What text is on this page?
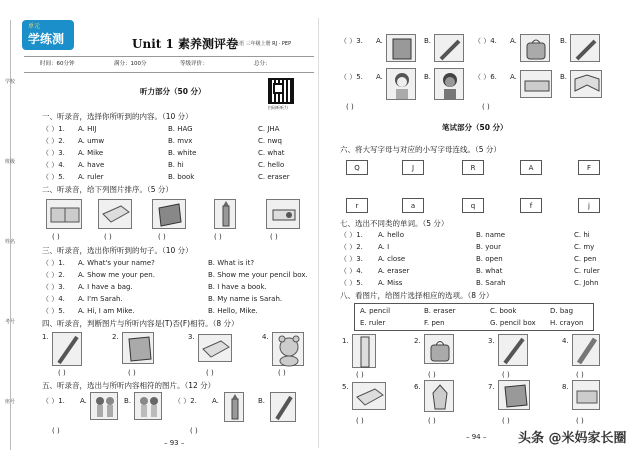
学校
班级
姓名
考号
座号
单元
学练测	Unit 1 素养测评卷
英语 三年级上册 RJ · PEP
时间：60分钟	满分：100分	等级评价：	总分：
听力部分（50 分）
扫码听听力
一、听录音，选择你所听到的内容。（10 分）
（ ）1. A. HIJ	B. HAG	C. JHA
（ ）2. A. umw	B. mvx	C. nwq
（ ）3. A. Mike	B. white	C. what
（ ）4. A. have	B. hi	C. hello
（ ）5. A. ruler	B. book	C. eraser
二、听录音，给下列图片排序。（5 分）
( )	( )	( )	( )	( )
三、听录音，选出你所听到的句子。（10 分）
（ ）1. A. What's your name?	B. What is it?
（ ）2. A. Show me your pen.	B. Show me your pencil box.
（ ）3. A. I have a bag.	B. I have a book.
（ ）4. A. I'm Sarah.	B. My name is Sarah.
（ ）5. A. Hi, I am Mike.	B. Hello, Mike.
四、听录音，判断图片与所听内容是(T)否(F)相符。（8 分）
1.	2.	3.	4.
( )	( )	( )	( )
五、听录音，选出与所听内容相符的图片。（12 分）
（ ）1. A.	B.	（ ）2. A.	B.
( )	( )
– 93 –
（ ）3. A.	B.	（ ）4. A.	B.
（ ）5. A.	B.	（ ）6. A.	B.
( )	( )
笔试部分（50 分）
六、将大写字母与对应的小写字母连线。（5 分）
Q	J	R	A	F
r	a	q	f	j
七、选出不同类的单词。（5 分）
（ ）1. A. hello	B. name	C. hi
（ ）2. A. I	B. your	C. my
（ ）3. A. close	B. open	C. pen
（ ）4. A. eraser	B. what	C. ruler
（ ）5. A. Miss	B. Sarah	C. John
八、看图片，给图片选择相应的选项。（8 分）
A. pencil	B. eraser	C. book	D. bag
E. ruler	F. pen	G. pencil box H. crayon
1.	2.	3.	4.
( )	( )	( )	( )
5.	6.	7.	8.
( )	( )	( )	( )
– 94 – 头条 @米妈家长圈
